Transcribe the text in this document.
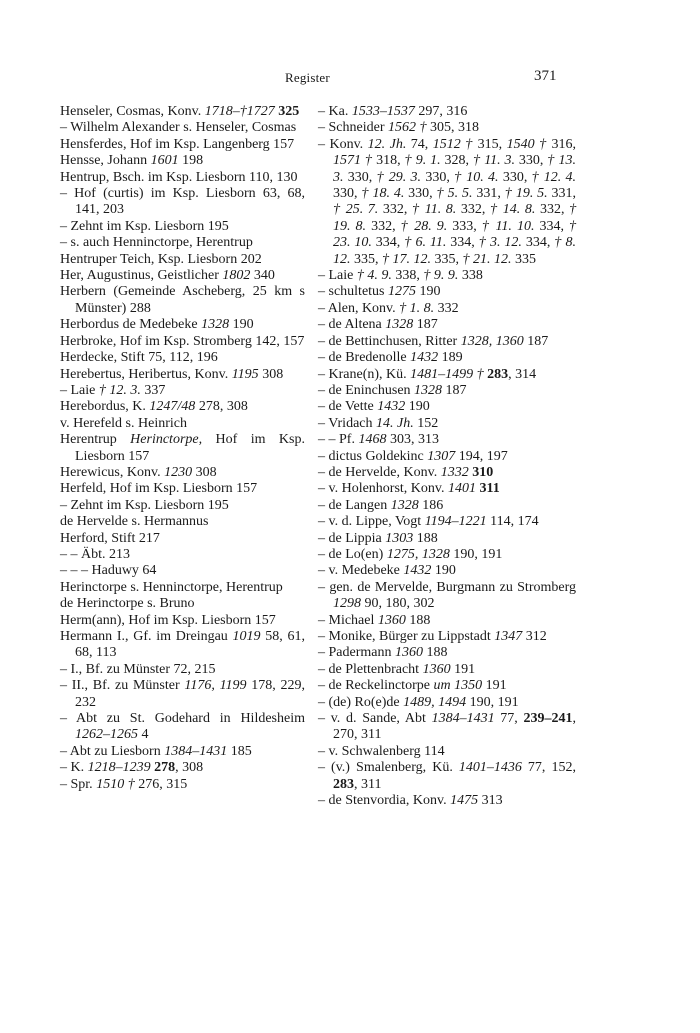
Register	371

Henseler, Cosmas, Konv. 1718–†1727 325

– Wilhelm Alexander s. Henseler, Cosmas

Hensferdes, Hof im Ksp. Langenberg 157

Hensse, Johann 1601 198

Hentrup, Bsch. im Ksp. Liesborn 110, 130

– Hof (curtis) im Ksp. Liesborn 63, 68, 141, 203

– Zehnt im Ksp. Liesborn 195

– s. auch Henninctorpe, Herentrup

Hentruper Teich, Ksp. Liesborn 202

Her, Augustinus, Geistlicher 1802 340

Herbern (Gemeinde Ascheberg, 25 km s Münster) 288

Herbordus de Medebeke 1328 190

Herbroke, Hof im Ksp. Stromberg 142, 157

Herdecke, Stift 75, 112, 196

Herebertus, Heribertus, Konv. 1195 308

– Laie † 12. 3. 337

Herebordus, K. 1247/48 278, 308

v. Herefeld s. Heinrich

Herentrup Herinctorpe, Hof im Ksp. Liesborn 157

Herewicus, Konv. 1230 308

Herfeld, Hof im Ksp. Liesborn 157

– Zehnt im Ksp. Liesborn 195

de Hervelde s. Hermannus

Herford, Stift 217

– – Äbt. 213

– – – Haduwy 64

Herinctorpe s. Henninctorpe, Herentrup

de Herinctorpe s. Bruno

Herm(ann), Hof im Ksp. Liesborn 157

Hermann I., Gf. im Dreingau 1019 58, 61, 68, 113

– I., Bf. zu Münster 72, 215

– II., Bf. zu Münster 1176, 1199 178, 229, 232

– Abt zu St. Godehard in Hildesheim 1262–1265 4

– Abt zu Liesborn 1384–1431 185

– K. 1218–1239 278, 308

– Spr. 1510 † 276, 315

– Ka. 1533–1537 297, 316

– Schneider 1562 † 305, 318

– Konv. 12. Jh. 74, 1512 † 315, 1540 † 316, 1571 † 318, † 9. 1. 328, † 11. 3. 330, † 13. 3. 330, † 29. 3. 330, † 10. 4. 330, † 12. 4. 330, † 18. 4. 330, † 5. 5. 331, † 19. 5. 331, † 25. 7. 332, † 11. 8. 332, † 14. 8. 332, † 19. 8. 332, † 28. 9. 333, † 11. 10. 334, † 23. 10. 334, † 6. 11. 334, † 3. 12. 334, † 8. 12. 335, † 17. 12. 335, † 21. 12. 335

– Laie † 4. 9. 338, † 9. 9. 338

– schultetus 1275 190

– Alen, Konv. † 1. 8. 332

– de Altena 1328 187

– de Bettinchusen, Ritter 1328, 1360 187

– de Bredenolle 1432 189

– Krane(n), Kü. 1481–1499 † 283, 314

– de Eninchusen 1328 187

– de Vette 1432 190

– Vridach 14. Jh. 152

– – Pf. 1468 303, 313

– dictus Goldekinc 1307 194, 197

– de Hervelde, Konv. 1332 310

– v. Holenhorst, Konv. 1401 311

– de Langen 1328 186

– v. d. Lippe, Vogt 1194–1221 114, 174

– de Lippia 1303 188

– de Lo(en) 1275, 1328 190, 191

– v. Medebeke 1432 190

– gen. de Mervelde, Burgmann zu Stromberg 1298 90, 180, 302

– Michael 1360 188

– Monike, Bürger zu Lippstadt 1347 312

– Padermann 1360 188

– de Plettenbracht 1360 191

– de Reckelinctorpe um 1350 191

– (de) Ro(e)de 1489, 1494 190, 191

– v. d. Sande, Abt 1384–1431 77, 239–241, 270, 311

– v. Schwalenberg 114

– (v.) Smalenberg, Kü. 1401–1436 77, 152, 283, 311

– de Stenvordia, Konv. 1475 313
